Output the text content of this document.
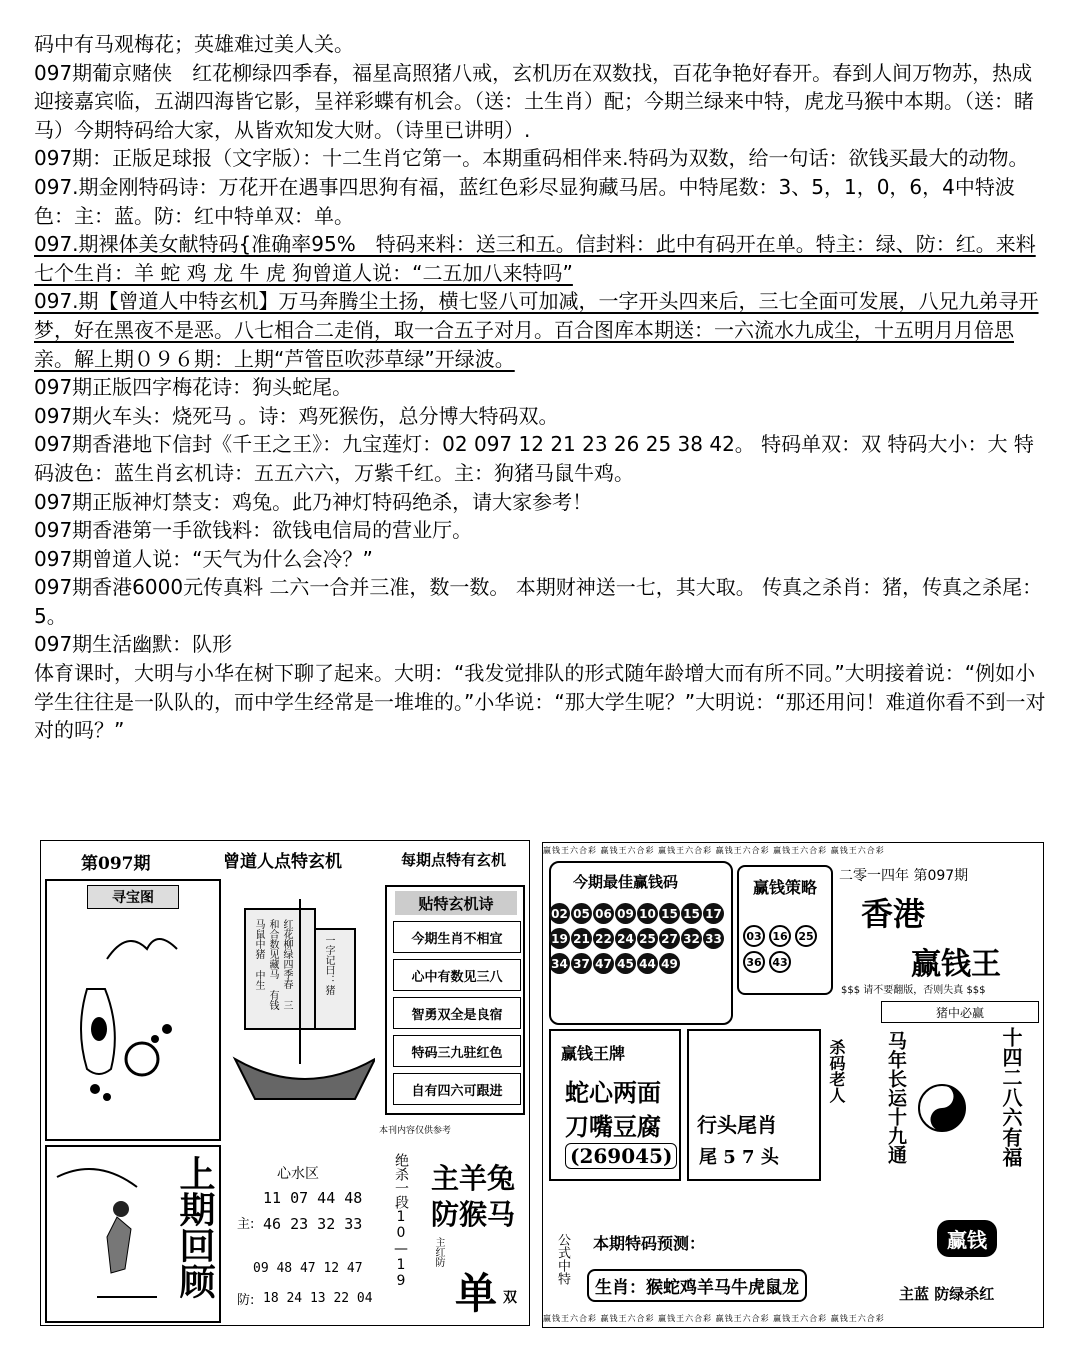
码中有马观梅花；英雄难过美人关。

097期葡京赌侠　红花柳绿四季春，福星高照猪八戒，玄机历在双数找，百花争艳好春开。春到人间万物苏，热成迎接嘉宾临，五湖四海皆它影，呈祥彩蝶有机会。（送：土生肖）配；今期兰绿来中特，虎龙马猴中本期。（送：睹马）今期特码给大家，从皆欢知发大财。（诗里已讲明）.

097期：正版足球报（文字版）：十二生肖它第一。本期重码相伴来.特码为双数，给一句话：欲钱买最大的动物。

097.期金刚特码诗：万花开在遇事四思狗有福，蓝红色彩尽显狗藏马居。中特尾数：3、5，1，0，6，4中特波色：主：蓝。防：红中特单双：单。

097.期裸体美女献特码{准确率95%　特码来料：送三和五。信封料：此中有码开在单。特主：绿、防：红。来料七个生肖：羊 蛇 鸡 龙 牛 虎 狗曾道人说：“二五加八来特吗”

097.期【曾道人中特玄机】万马奔腾尘土扬，横七竖八可加减，一字开头四来后，三七全面可发展，八兄九弟寻开梦，好在黑夜不是恶。八七相合二走俏，取一合五子对月。百合图库本期送：一六流水九成尘，十五明月月倍思亲。解上期０９６期：上期“芦管臣吹莎草绿”开绿波。

097期正版四字梅花诗：狗头蛇尾。

097期火车头：烧死马 。诗：鸡死猴伤，总分博大特码双。

097期香港地下信封《千王之王》：九宝莲灯：02 097 12 21 23 26 25 38 42。 特码单双：双 特码大小：大 特码波色：蓝生肖玄机诗：五五六六，万紫千红。主：狗猪马鼠牛鸡。

097期正版神灯禁支：鸡兔。此乃神灯特码绝杀，请大家参考！

097期香港第一手欲钱料：欲钱电信局的营业厅。

097期曾道人说：“天气为什么会冷？”

097期香港6000元传真料 二六一合并三准，数一数。 本期财神送一七，其大取。 传真之杀肖：猪，传真之杀尾：5。

097期生活幽默：队形

体育课时，大明与小华在树下聊了起来。大明：“我发觉排队的形式随年龄增大而有所不同。”大明接着说：“例如小学生往往是一队队的，而中学生经常是一堆堆的。”小华说：“那大学生呢？”大明说：“那还用问！难道你看不到一对对的吗？”

第097期	曾道人点特玄机	每期点特有玄机
寻宝图
上期回顾
红花柳绿四季春 三和合数见藏马 有钱马鼠中猪 中生	一字记曰：猪
贴特玄机诗
今期生肖不相宜
心中有数见三八
智勇双全是良宿
特码三九驻红色
自有四六可跟进
本刊内容仅供参考
心水区
11 07 44 48
主: 46 23 32 33
09 48 47 12 47
防: 18 24 13 22 04
绝杀一段10—19 主羊兔
防猴马
主红防
单 双
赢钱王六合彩 赢钱王六合彩 赢钱王六合彩 赢钱王六合彩 赢钱王六合彩 赢钱王六合彩
赢钱王六合彩 赢钱王六合彩 赢钱王六合彩 赢钱王六合彩 赢钱王六合彩 赢钱王六合彩
今期最佳赢钱码
02 05 06 09 10 15 15 17
19 21 22 24 25 27 32 33
34 37 47 45 44 49
赢钱策略
03 16 25
36 43
二零一四年 第097期
香港
赢钱王
$$$ 请不要翻版，否则失真 $$$
猪中必赢
马年长运十九通	十四二八六有福
赢钱王牌
蛇心两面
刀嘴豆腐
(269045)
行头尾肖
尾 5 7 头
杀码老人
公式中特 本期特码预测：
生肖：猴蛇鸡羊马牛虎鼠龙
赢钱
主蓝 防绿杀红
